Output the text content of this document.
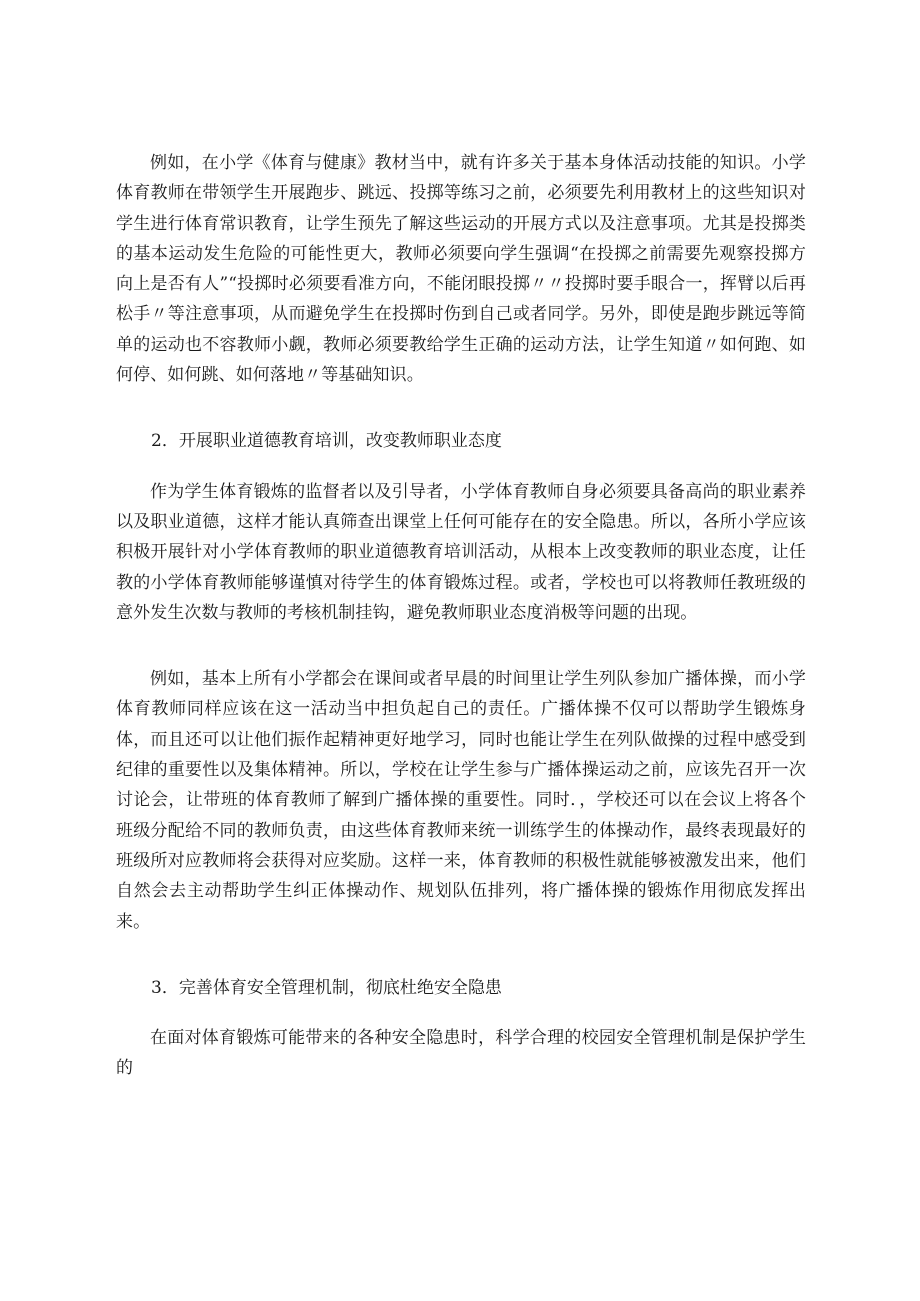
例如，在小学《体育与健康》教材当中，就有许多关于基本身体活动技能的知识。小学体育教师在带领学生开展跑步、跳远、投掷等练习之前，必须要先利用教材上的这些知识对学生进行体育常识教育，让学生预先了解这些运动的开展方式以及注意事项。尤其是投掷类的基本运动发生危险的可能性更大，教师必须要向学生强调“在投掷之前需要先观察投掷方向上是否有人”“投掷时必须要看准方向，不能闭眼投掷〃〃投掷时要手眼合一，挥臂以后再松手〃等注意事项，从而避免学生在投掷时伤到自己或者同学。另外，即使是跑步跳远等简单的运动也不容教师小觑，教师必须要教给学生正确的运动方法，让学生知道〃如何跑、如何停、如何跳、如何落地〃等基础知识。

2．开展职业道德教育培训，改变教师职业态度

作为学生体育锻炼的监督者以及引导者，小学体育教师自身必须要具备高尚的职业素养以及职业道德，这样才能认真筛查出课堂上任何可能存在的安全隐患。所以，各所小学应该积极开展针对小学体育教师的职业道德教育培训活动，从根本上改变教师的职业态度，让任教的小学体育教师能够谨慎对待学生的体育锻炼过程。或者，学校也可以将教师任教班级的意外发生次数与教师的考核机制挂钩，避免教师职业态度消极等问题的出现。

例如，基本上所有小学都会在课间或者早晨的时间里让学生列队参加广播体操，而小学体育教师同样应该在这一活动当中担负起自己的责任。广播体操不仅可以帮助学生锻炼身体，而且还可以让他们振作起精神更好地学习，同时也能让学生在列队做操的过程中感受到纪律的重要性以及集体精神。所以，学校在让学生参与广播体操运动之前，应该先召开一次讨论会，让带班的体育教师了解到广播体操的重要性。同时．，学校还可以在会议上将各个班级分配给不同的教师负责，由这些体育教师来统一训练学生的体操动作，最终表现最好的班级所对应教师将会获得对应奖励。这样一来，体育教师的积极性就能够被激发出来，他们自然会去主动帮助学生纠正体操动作、规划队伍排列，将广播体操的锻炼作用彻底发挥出来。

3．完善体育安全管理机制，彻底杜绝安全隐患

在面对体育锻炼可能带来的各种安全隐患时，科学合理的校园安全管理机制是保护学生的
